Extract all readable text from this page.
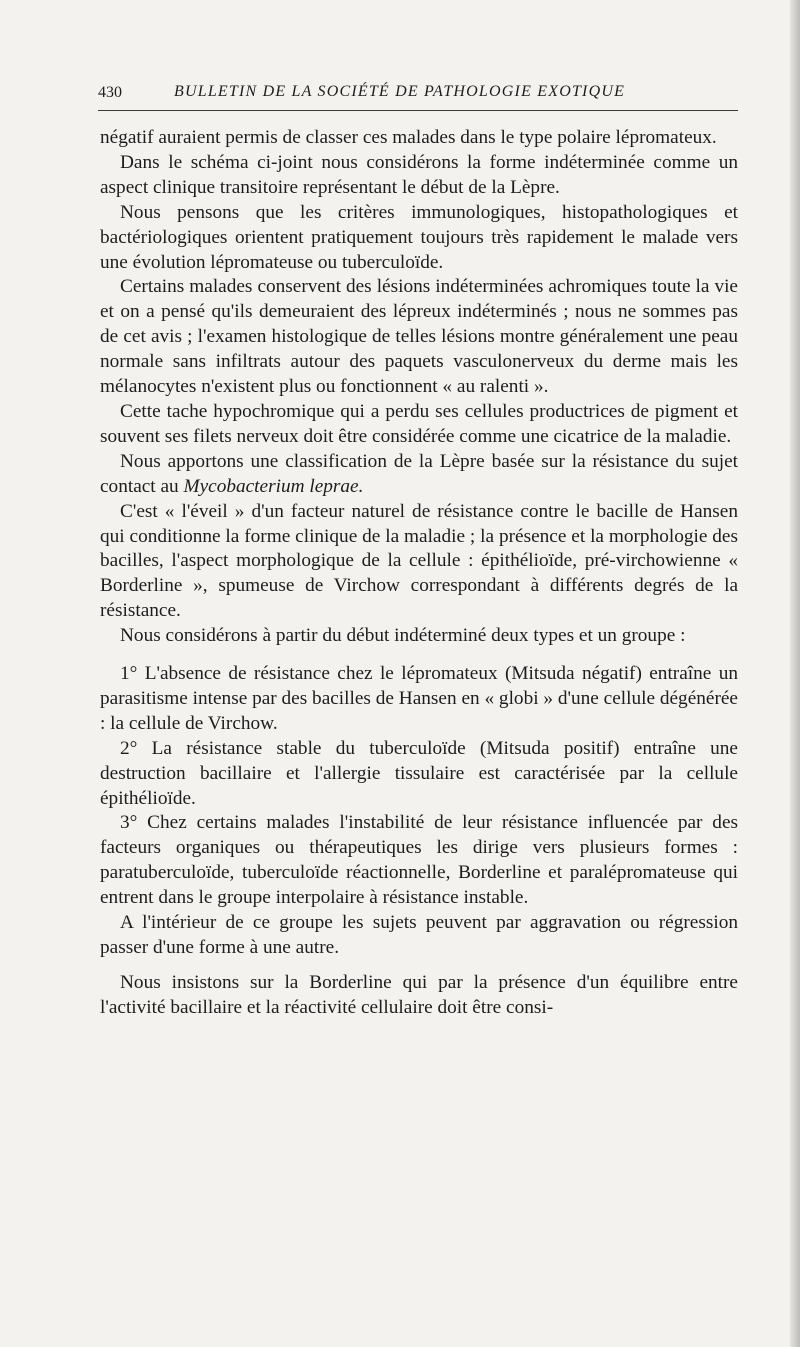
430	BULLETIN DE LA SOCIÉTÉ DE PATHOLOGIE EXOTIQUE

négatif auraient permis de classer ces malades dans le type polaire lépromateux.

Dans le schéma ci-joint nous considérons la forme indéterminée comme un aspect clinique transitoire représentant le début de la Lèpre.

Nous pensons que les critères immunologiques, histopathologiques et bactériologiques orientent pratiquement toujours très rapidement le malade vers une évolution lépromateuse ou tuberculoïde.

Certains malades conservent des lésions indéterminées achromiques toute la vie et on a pensé qu'ils demeuraient des lépreux indéterminés ; nous ne sommes pas de cet avis ; l'examen histologique de telles lésions montre généralement une peau normale sans infiltrats autour des paquets vasculonerveux du derme mais les mélanocytes n'existent plus ou fonctionnent « au ralenti ».

Cette tache hypochromique qui a perdu ses cellules productrices de pigment et souvent ses filets nerveux doit être considérée comme une cicatrice de la maladie.

Nous apportons une classification de la Lèpre basée sur la résistance du sujet contact au Mycobacterium leprae.

C'est « l'éveil » d'un facteur naturel de résistance contre le bacille de Hansen qui conditionne la forme clinique de la maladie ; la présence et la morphologie des bacilles, l'aspect morphologique de la cellule : épithélioïde, pré-virchowienne « Borderline », spumeuse de Virchow correspondant à différents degrés de la résistance.

Nous considérons à partir du début indéterminé deux types et un groupe :

1° L'absence de résistance chez le lépromateux (Mitsuda négatif) entraîne un parasitisme intense par des bacilles de Hansen en « globi » d'une cellule dégénérée : la cellule de Virchow.

2° La résistance stable du tuberculoïde (Mitsuda positif) entraîne une destruction bacillaire et l'allergie tissulaire est caractérisée par la cellule épithélioïde.

3° Chez certains malades l'instabilité de leur résistance influencée par des facteurs organiques ou thérapeutiques les dirige vers plusieurs formes : paratuberculoïde, tuberculoïde réactionnelle, Borderline et paralépromateuse qui entrent dans le groupe interpolaire à résistance instable.

A l'intérieur de ce groupe les sujets peuvent par aggravation ou régression passer d'une forme à une autre.

Nous insistons sur la Borderline qui par la présence d'un équilibre entre l'activité bacillaire et la réactivité cellulaire doit être consi-
